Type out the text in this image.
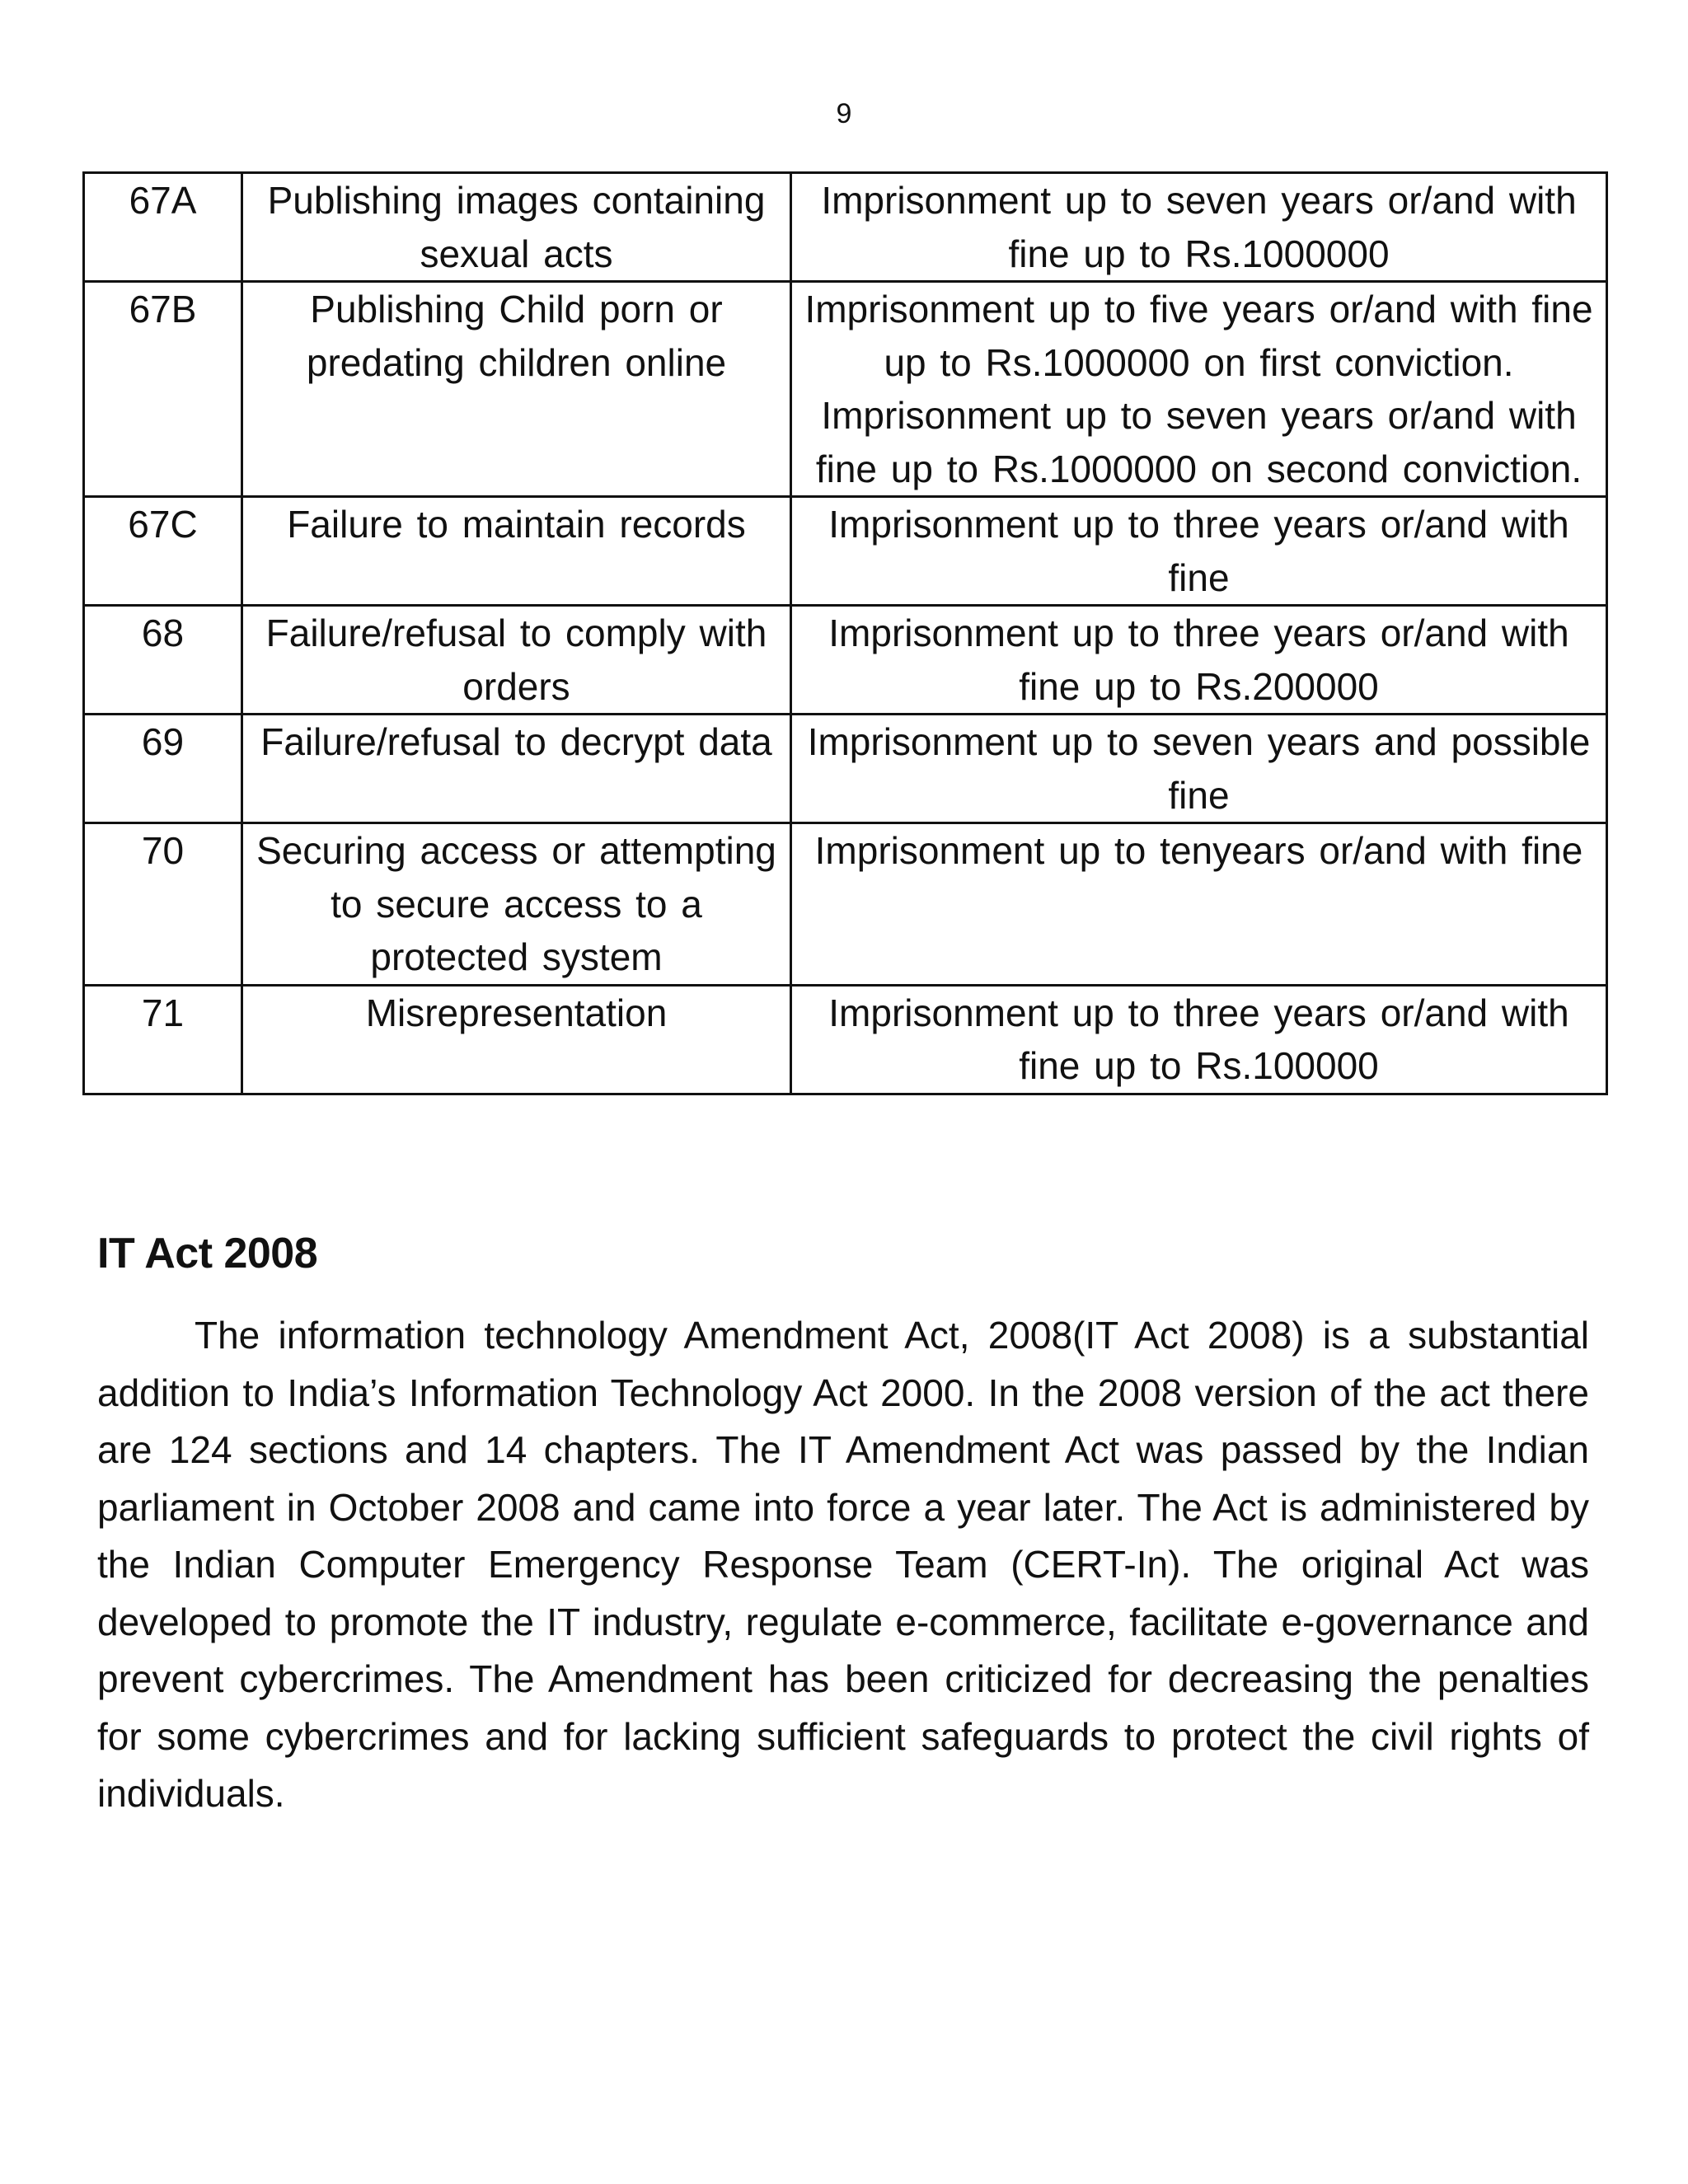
9
67A	Publishing images containing sexual acts	Imprisonment up to seven years or/and with fine up to Rs.1000000
67B	Publishing Child porn or predating children online	Imprisonment up to five years or/and with fine up to Rs.1000000 on first conviction. Imprisonment up to seven years or/and with fine up to Rs.1000000 on second conviction.
67C	Failure to maintain records	Imprisonment up to three years or/and with fine
68	Failure/refusal to comply with orders	Imprisonment up to three years or/and with fine up to Rs.200000
69	Failure/refusal to decrypt data	Imprisonment up to seven years and possible fine
70	Securing access or attempting to secure access to a protected system	Imprisonment up to tenyears or/and with fine
71	Misrepresentation	Imprisonment up to three years or/and with fine up to Rs.100000
IT Act 2008

The information technology Amendment Act, 2008(IT Act 2008) is a substantial addition to India’s Information Technology Act 2000. In the 2008 version of the act there are 124 sections and 14 chapters. The IT Amendment Act was passed by the Indian parliament in October 2008 and came into force a year later. The Act is administered by the Indian Computer Emergency Response Team (CERT-In). The original Act was developed to promote the IT industry, regulate e-commerce, facilitate e-governance and prevent cybercrimes. The Amendment has been criticized for decreasing the penalties for some cybercrimes and for lacking sufficient safeguards to protect the civil rights of individuals.
